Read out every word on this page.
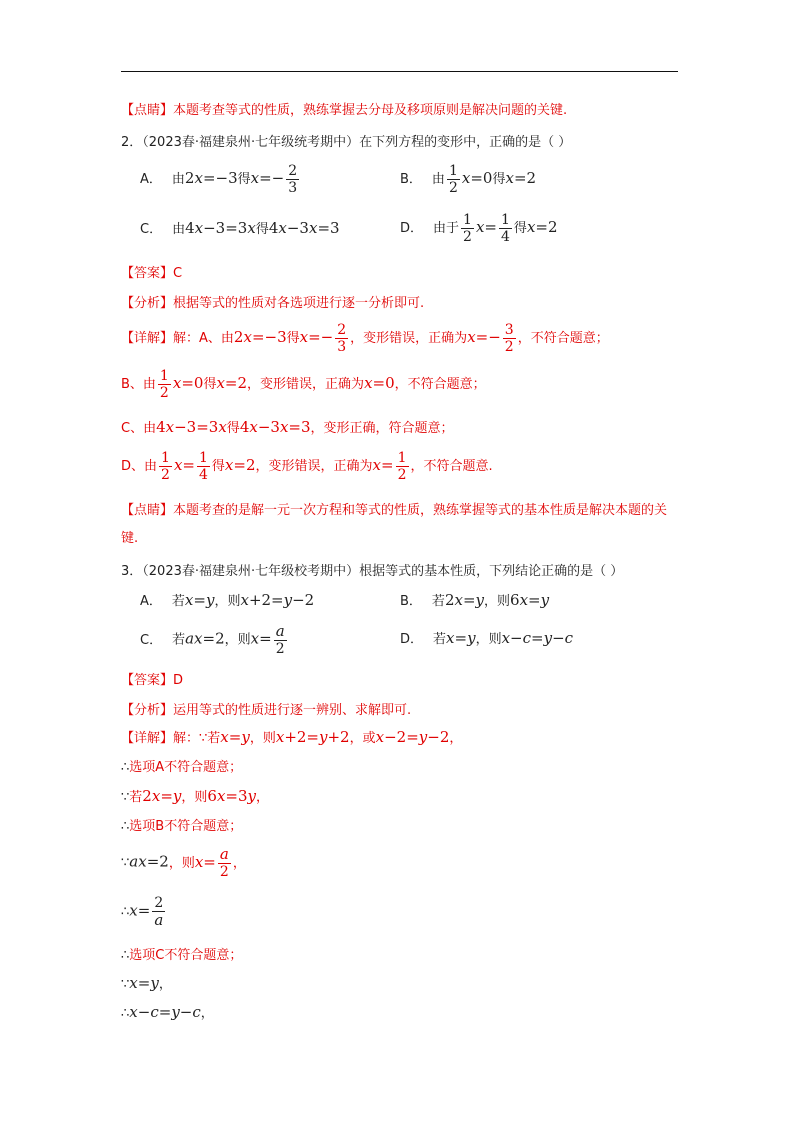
【点睛】本题考查等式的性质，熟练掌握去分母及移项原则是解决问题的关键.
2．（2023春·福建泉州·七年级统考期中）在下列方程的变形中，正确的是（ ）
A． 由2x=−3得$x=- \frac{2}{3}$	B． 由 $\frac{1}{2} x=0$得x=2
C． 由4x−3=3x得4x−3x=3	D． 由于 $\frac{1}{2} x= \frac{1}{4}$ 得x=2
【答案】C
【分析】根据等式的性质对各选项进行逐一分析即可.
【详解】解：A、由2x=−3得$x=- \frac{2}{3}$ ，变形错误，正确为$x=- \frac{3}{2}$ ，不符合题意；
B、由 $\frac{1}{2} x=0$得x=2，变形错误，正确为x=0，不符合题意；
C、由4x−3=3x得4x−3x=3，变形正确，符合题意；
D、由 $\frac{1}{2} x= \frac{1}{4}$ 得x=2，变形错误，正确为$x= \frac{1}{2}$ ，不符合题意.
【点睛】本题考查的是解一元一次方程和等式的性质，熟练掌握等式的基本性质是解决本题的关键.
3．（2023春·福建泉州·七年级校考期中）根据等式的基本性质，下列结论正确的是（ ）
A． 若x=y，则x+2=y−2	B． 若2x=y，则6x=y
C． 若ax=2，则$x= \frac{a}{2}$	D． 若x=y，则x−c=y−c
【答案】D
【分析】运用等式的性质进行逐一辨别、求解即可.
【详解】解：∵若x=y，则x+2=y+2，或x−2=y−2，
∴选项A不符合题意；
∵若2x=y，则6x=3y，
∴选项B不符合题意；
∵ax=2，则$x= \frac{a}{2}$ ，
∴x= $\frac{2}{a}$
∴选项C不符合题意；
∵x=y，
∴x−c=y−c，
